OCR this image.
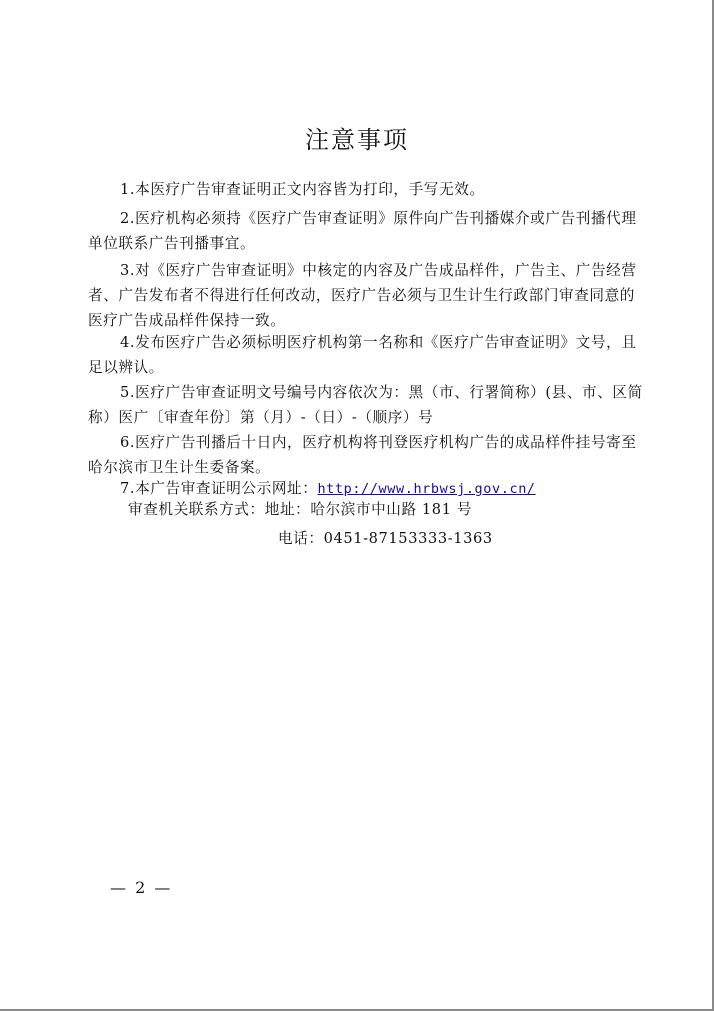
注意事项
1.本医疗广告审查证明正文内容皆为打印，手写无效。
2.医疗机构必须持《医疗广告审查证明》原件向广告刊播媒介或广告刊播代理单位联系广告刊播事宜。
3.对《医疗广告审查证明》中核定的内容及广告成品样件，广告主、广告经营者、广告发布者不得进行任何改动，医疗广告必须与卫生计生行政部门审查同意的医疗广告成品样件保持一致。
4.发布医疗广告必须标明医疗机构第一名称和《医疗广告审查证明》文号，且足以辨认。
5.医疗广告审查证明文号编号内容依次为：黑（市、行署简称）(县、市、区简称）医广〔审查年份〕第（月）-（日）-（顺序）号
6.医疗广告刊播后十日内，医疗机构将刊登医疗机构广告的成品样件挂号寄至哈尔滨市卫生计生委备案。
7.本广告审查证明公示网址：http://www.hrbwsj.gov.cn/
审查机关联系方式：地址：哈尔滨市中山路 181 号
电话：0451-87153333-1363
— 2 —
